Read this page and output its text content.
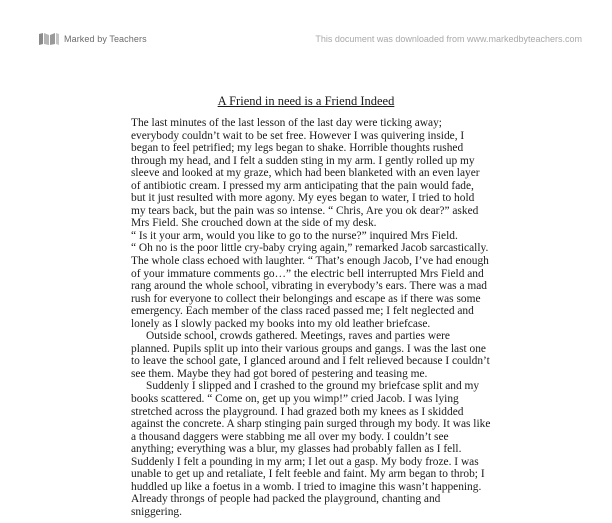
Marked by Teachers	This document was downloaded from www.markedbyteachers.com
A Friend in need is a Friend Indeed

The last minutes of the last lesson of the last day were ticking away; everybody couldn’t wait to be set free. However I was quivering inside, I began to feel petrified; my legs began to shake. Horrible thoughts rushed through my head, and I felt a sudden sting in my arm. I gently rolled up my sleeve and looked at my graze, which had been blanketed with an even layer of antibiotic cream. I pressed my arm anticipating that the pain would fade, but it just resulted with more agony. My eyes began to water, I tried to hold my tears back, but the pain was so intense. “ Chris, Are you ok dear?” asked Mrs Field. She crouched down at the side of my desk.

“ Is it your arm, would you like to go to the nurse?” inquired Mrs Field.

“ Oh no is the poor little cry-baby crying again,” remarked Jacob sarcastically. The whole class echoed with laughter. “ That’s enough Jacob, I’ve had enough of your immature comments go…” the electric bell interrupted Mrs Field and rang around the whole school, vibrating in everybody’s ears. There was a mad rush for everyone to collect their belongings and escape as if there was some emergency. Each member of the class raced passed me; I felt neglected and lonely as I slowly packed my books into my old leather briefcase.

Outside school, crowds gathered. Meetings, raves and parties were planned. Pupils split up into their various groups and gangs. I was the last one to leave the school gate, I glanced around and I felt relieved because I couldn’t see them. Maybe they had got bored of pestering and teasing me.

Suddenly I slipped and I crashed to the ground my briefcase split and my books scattered. “ Come on, get up you wimp!” cried Jacob. I was lying stretched across the playground. I had grazed both my knees as I skidded against the concrete. A sharp stinging pain surged through my body. It was like a thousand daggers were stabbing me all over my body. I couldn’t see anything; everything was a blur, my glasses had probably fallen as I fell. Suddenly I felt a pounding in my arm; I let out a gasp. My body froze. I was unable to get up and retaliate, I felt feeble and faint. My arm began to throb; I huddled up like a foetus in a womb. I tried to imagine this wasn’t happening. Already throngs of people had packed the playground, chanting and sniggering.
